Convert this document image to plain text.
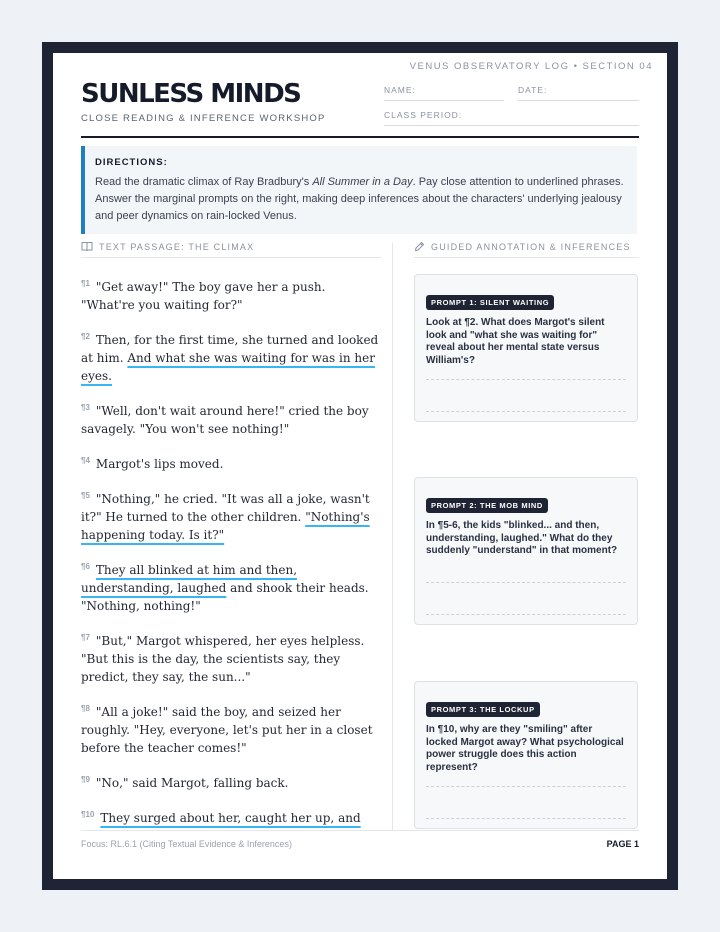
VENUS OBSERVATORY LOG • SECTION 04
SUNLESS MINDS
CLOSE READING & INFERENCE WORKSHOP
NAME:	DATE:
CLASS PERIOD:
DIRECTIONS:
Read the dramatic climax of Ray Bradbury's All Summer in a Day. Pay close attention to underlined phrases. Answer the marginal prompts on the right, making deep inferences about the characters' underlying jealousy and peer dynamics on rain-locked Venus.
TEXT PASSAGE: THE CLIMAX	GUIDED ANNOTATION & INFERENCES

$^{\P 1}$ "Get away!" The boy gave her a push. "What're you waiting for?"

$^{\P 2}$ Then, for the first time, she turned and looked at him. And what she was waiting for was in her eyes.

$^{\P 3}$ "Well, don't wait around here!" cried the boy savagely. "You won't see nothing!"

$^{\P 4}$ Margot's lips moved.

$^{\P 5}$ "Nothing," he cried. "It was all a joke, wasn't it?" He turned to the other children. "Nothing's happening today. Is it?"

$^{\P 6}$ They all blinked at him and then, understanding, laughed and shook their heads. "Nothing, nothing!"

$^{\P 7}$ "But," Margot whispered, her eyes helpless. "But this is the day, the scientists say, they predict, they say, the sun..."

$^{\P 8}$ "All a joke!" said the boy, and seized her roughly. "Hey, everyone, let's put her in a closet before the teacher comes!"

$^{\P 9}$ "No," said Margot, falling back.

$^{\P 10}$ They surged about her, caught her up, and

PROMPT 1: SILENT WAITING
Look at ¶2. What does Margot's silent look and "what she was waiting for" reveal about her mental state versus William's?
PROMPT 2: THE MOB MIND
In ¶5-6, the kids "blinked... and then, understanding, laughed." What do they suddenly "understand" in that moment?
PROMPT 3: THE LOCKUP
In ¶10, why are they "smiling" after locked Margot away? What psychological power struggle does this action represent?
Focus: RL.6.1 (Citing Textual Evidence & Inferences)	PAGE 1
